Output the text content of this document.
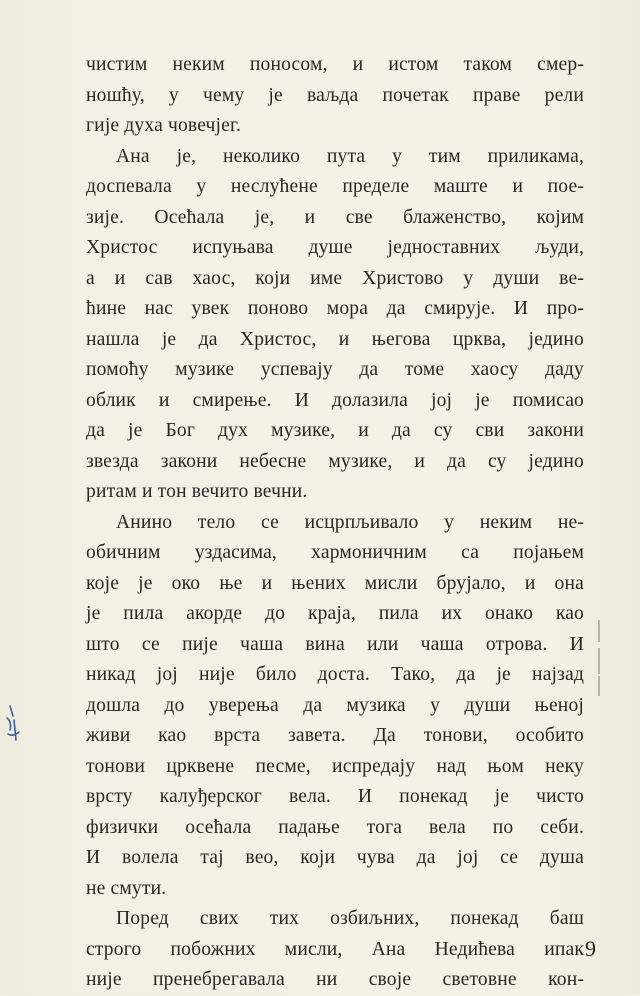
чистим неким поносом, и истом таком смер-
ношћу, у чему је ваљда почетак праве рели
гије духа човечјег.
Ана је, неколико пута у тим приликама,
доспевала у неслућене пределе маште и пое-
зије. Осећала је, и све блаженство, којим
Христос испуњава душе једноставних људи,
а и сав хаос, који име Христово у души ве-
ћине нас увек поново мора да смирује. И про-
нашла је да Христос, и његова црква, једино
помоћу музике успевају да томе хаосу даду
облик и смирење. И долазила јој је помисао
да је Бог дух музике, и да су сви закони
звезда закони небесне музике, и да су једино
ритам и тон вечито вечни.
Анино тело се исцрпљивало у неким не-
обичним уздасима, хармоничним са појањем
које је око ње и њених мисли брујало, и она
је пила акорде до краја, пила их онако као
што се пије чаша вина или чаша отрова. И
никад јој није било доста. Тако, да је најзад
дошла до уверења да музика у души њеној
живи као врста завета. Да тонови, особито
тонови црквене песме, испредају над њом неку
врсту калуђерског вела. И понекад је чисто
физички осећала падање тога вела по себи.
И волела тај вео, који чува да јој се душа
не смути.
Поред свих тих озбиљних, понекад баш
строго побожних мисли, Ана Недићева ипак
није пренебрегавала ни своје световне кон-
9
